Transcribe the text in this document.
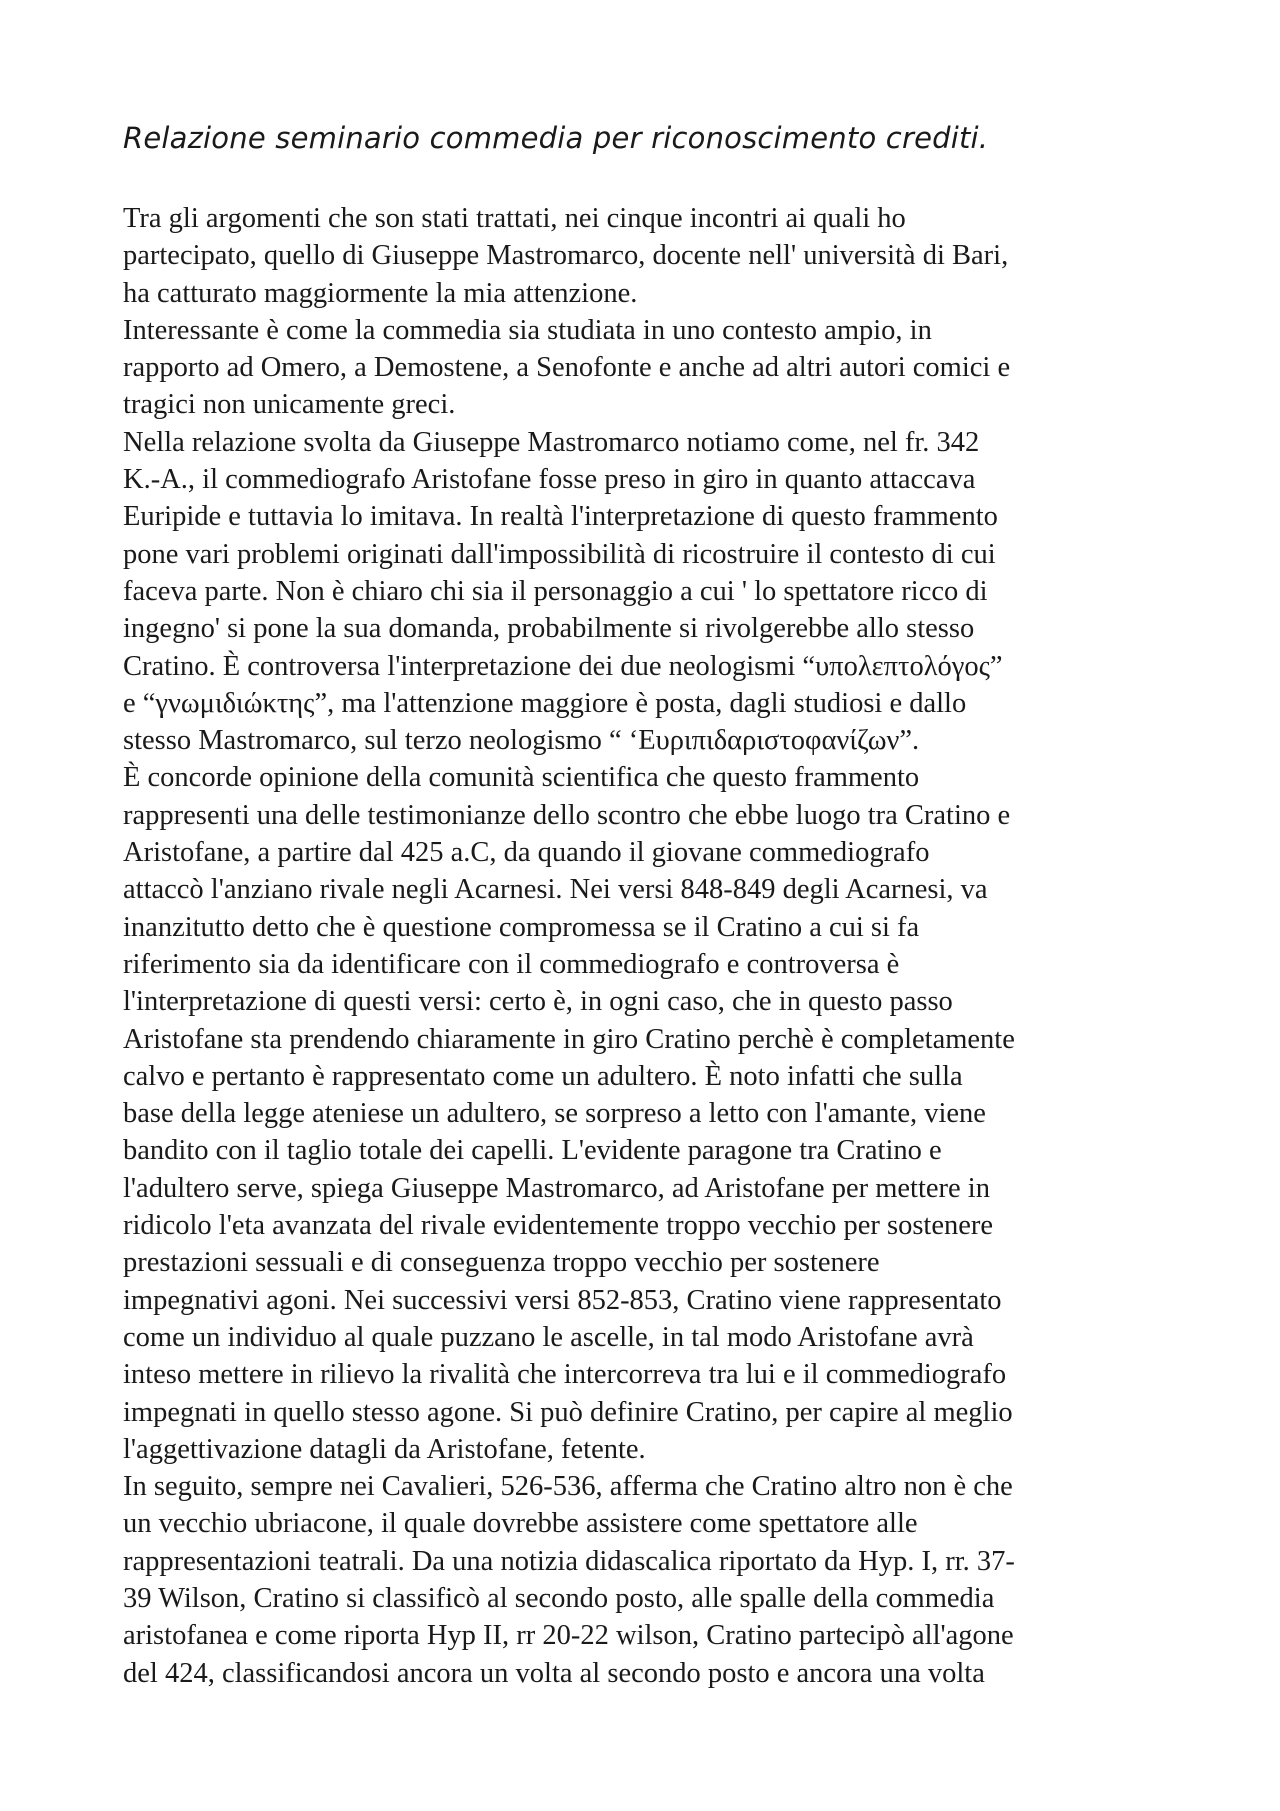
Relazione seminario commedia per riconoscimento crediti.
Tra gli argomenti che son stati trattati, nei cinque incontri ai quali ho
partecipato, quello di Giuseppe Mastromarco, docente nell' università di Bari,
ha catturato maggiormente la mia attenzione.
Interessante è come la commedia sia studiata in uno contesto ampio, in
rapporto ad Omero, a Demostene, a Senofonte e anche ad altri autori comici e
tragici non unicamente greci.
Nella relazione svolta da Giuseppe Mastromarco notiamo come, nel fr. 342
K.-A., il commediografo Aristofane fosse preso in giro in quanto attaccava
Euripide e tuttavia lo imitava. In realtà l'interpretazione di questo frammento
pone vari problemi originati dall'impossibilità di ricostruire il contesto di cui
faceva parte. Non è chiaro chi sia il personaggio a cui ' lo spettatore ricco di
ingegno' si pone la sua domanda, probabilmente si rivolgerebbe allo stesso
Cratino. È controversa l'interpretazione dei due neologismi “υπολεπτολόγος”
e “γνωμιδιώκτης”, ma l'attenzione maggiore è posta, dagli studiosi e dallo
stesso Mastromarco, sul terzo neologismo “ ‘Ευριπιδαριστοφανίζων”.
È concorde opinione della comunità scientifica che questo frammento
rappresenti una delle testimonianze dello scontro che ebbe luogo tra Cratino e
Aristofane, a partire dal 425 a.C, da quando il giovane commediografo
attaccò l'anziano rivale negli Acarnesi. Nei versi 848-849 degli Acarnesi, va
inanzitutto detto che è questione compromessa se il Cratino a cui si fa
riferimento sia da identificare con il commediografo e controversa è
l'interpretazione di questi versi: certo è, in ogni caso, che in questo passo
Aristofane sta prendendo chiaramente in giro Cratino perchè è completamente
calvo e pertanto è rappresentato come un adultero. È noto infatti che sulla
base della legge ateniese un adultero, se sorpreso a letto con l'amante, viene
bandito con il taglio totale dei capelli. L'evidente paragone tra Cratino e
l'adultero serve, spiega Giuseppe Mastromarco, ad Aristofane per mettere in
ridicolo l'eta avanzata del rivale evidentemente troppo vecchio per sostenere
prestazioni sessuali e di conseguenza troppo vecchio per sostenere
impegnativi agoni. Nei successivi versi 852-853, Cratino viene rappresentato
come un individuo al quale puzzano le ascelle, in tal modo Aristofane avrà
inteso mettere in rilievo la rivalità che intercorreva tra lui e il commediografo
impegnati in quello stesso agone. Si può definire Cratino, per capire al meglio
l'aggettivazione datagli da Aristofane, fetente.
In seguito, sempre nei Cavalieri, 526-536, afferma che Cratino altro non è che
un vecchio ubriacone, il quale dovrebbe assistere come spettatore alle
rappresentazioni teatrali. Da una notizia didascalica riportato da Hyp. I, rr. 37-
39 Wilson, Cratino si classificò al secondo posto, alle spalle della commedia
aristofanea e come riporta Hyp II, rr 20-22 wilson, Cratino partecipò all'agone
del 424, classificandosi ancora un volta al secondo posto e ancora una volta
